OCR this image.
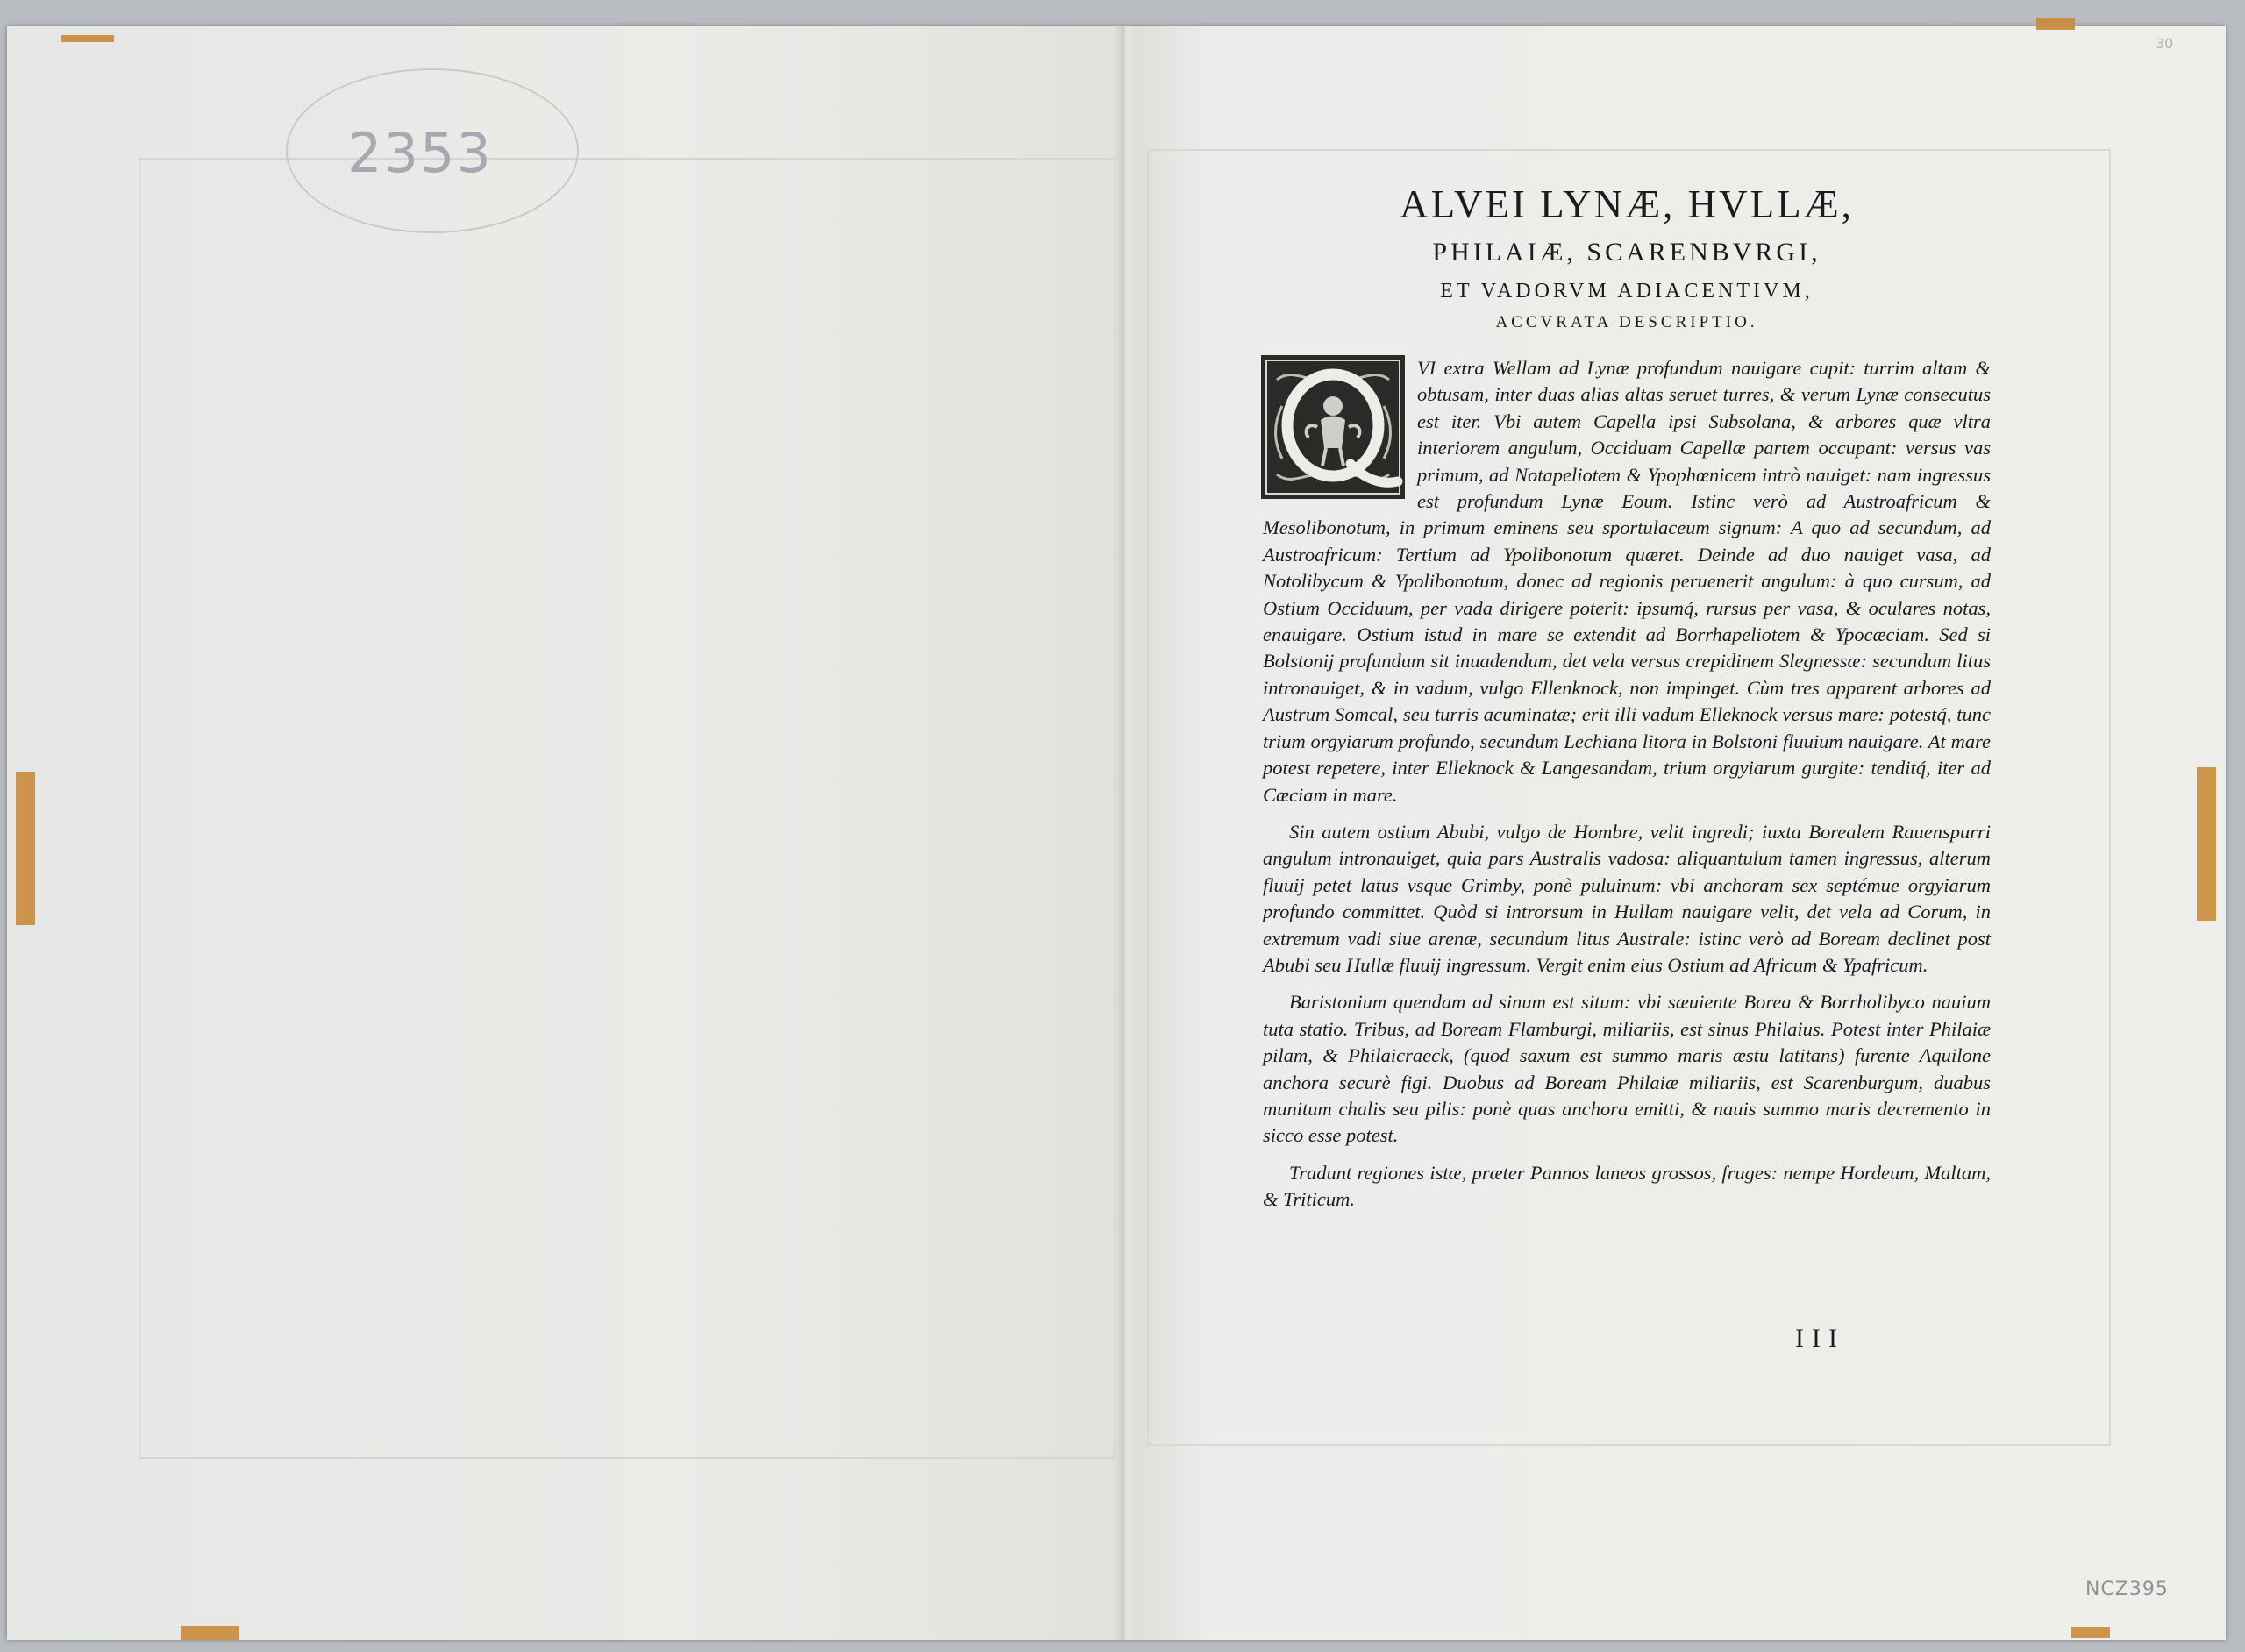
2353
30
NCZ395
ALVEI LYNÆ, HVLLÆ,
PHILAIÆ, SCARENBVRGI,
ET VADORVM ADIACENTIVM,
ACCVRATA DESCRIPTIO.

VI extra Wellam ad Lynæ profundum nauigare cupit: turrim altam & obtusam, inter duas alias altas seruet turres, & verum Lynæ consecutus est iter. Vbi autem Capella ipsi Subsolana, & arbores quæ vltra interiorem angulum, Occiduam Capellæ partem occupant: versus vas primum, ad Notapeliotem & Ypophœnicem intrò nauiget: nam ingressus est profundum Lynæ Eoum. Istinc verò ad Austroafricum & Mesolibonotum, in primum eminens seu sportulaceum signum: A quo ad secundum, ad Austroafricum: Tertium ad Ypolibonotum quæret. Deinde ad duo nauiget vasa, ad Notolibycum & Ypolibonotum, donec ad regionis peruenerit angulum: à quo cursum, ad Ostium Occiduum, per vada dirigere poterit: ipsumq́, rursus per vasa, & oculares notas, enauigare. Ostium istud in mare se extendit ad Borrhapeliotem & Ypocæciam. Sed si Bolstonij profundum sit inuadendum, det vela versus crepidinem Slegnessæ: secundum litus intronauiget, & in vadum, vulgo Ellenknock, non impinget. Cùm tres apparent arbores ad Austrum Somcal, seu turris acuminatæ; erit illi vadum Elleknock versus mare: potestq́, tunc trium orgyiarum profundo, secundum Lechiana litora in Bolstoni fluuium nauigare. At mare potest repetere, inter Elleknock & Langesandam, trium orgyiarum gurgite: tenditq́, iter ad Cæciam in mare.

Sin autem ostium Abubi, vulgo de Hombre, velit ingredi; iuxta Borealem Rauenspurri angulum intronauiget, quia pars Australis vadosa: aliquantulum tamen ingressus, alterum fluuij petet latus vsque Grimby, ponè puluinum: vbi anchoram sex septémue orgyiarum profundo committet. Quòd si introrsum in Hullam nauigare velit, det vela ad Corum, in extremum vadi siue arenæ, secundum litus Australe: istinc verò ad Boream declinet post Abubi seu Hullæ fluuij ingressum. Vergit enim eius Ostium ad Africum & Ypafricum.

Baristonium quendam ad sinum est situm: vbi sæuiente Borea & Borrholibyco nauium tuta statio. Tribus, ad Boream Flamburgi, miliariis, est sinus Philaius. Potest inter Philaiæ pilam, & Philaicraeck, (quod saxum est summo maris æstu latitans) furente Aquilone anchora securè figi. Duobus ad Boream Philaiæ miliariis, est Scarenburgum, duabus munitum chalis seu pilis: ponè quas anchora emitti, & nauis summo maris decremento in sicco esse potest.

Tradunt regiones istæ, præter Pannos laneos grossos, fruges: nempe Hordeum, Maltam, & Triticum.

III
